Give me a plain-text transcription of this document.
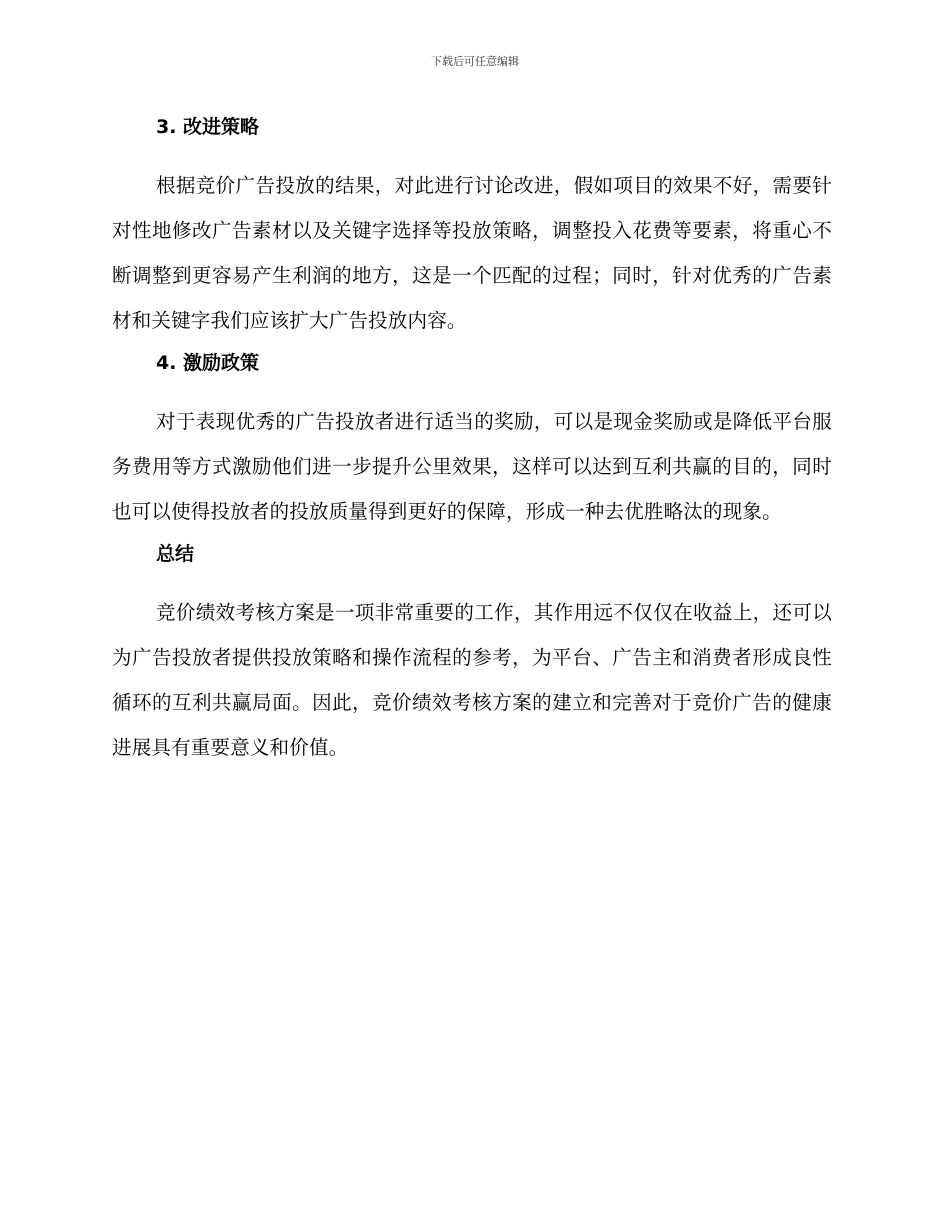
下载后可任意编辑
3. 改进策略

根据竞价广告投放的结果，对此进行讨论改进，假如项目的效果不好，需要针对性地修改广告素材以及关键字选择等投放策略，调整投入花费等要素，将重心不断调整到更容易产生利润的地方，这是一个匹配的过程；同时，针对优秀的广告素材和关键字我们应该扩大广告投放内容。

4. 激励政策

对于表现优秀的广告投放者进行适当的奖励，可以是现金奖励或是降低平台服务费用等方式激励他们进一步提升公里效果，这样可以达到互利共赢的目的，同时也可以使得投放者的投放质量得到更好的保障，形成一种去优胜略汰的现象。

总结

竞价绩效考核方案是一项非常重要的工作，其作用远不仅仅在收益上，还可以为广告投放者提供投放策略和操作流程的参考，为平台、广告主和消费者形成良性循环的互利共赢局面。因此，竞价绩效考核方案的建立和完善对于竞价广告的健康进展具有重要意义和价值。
